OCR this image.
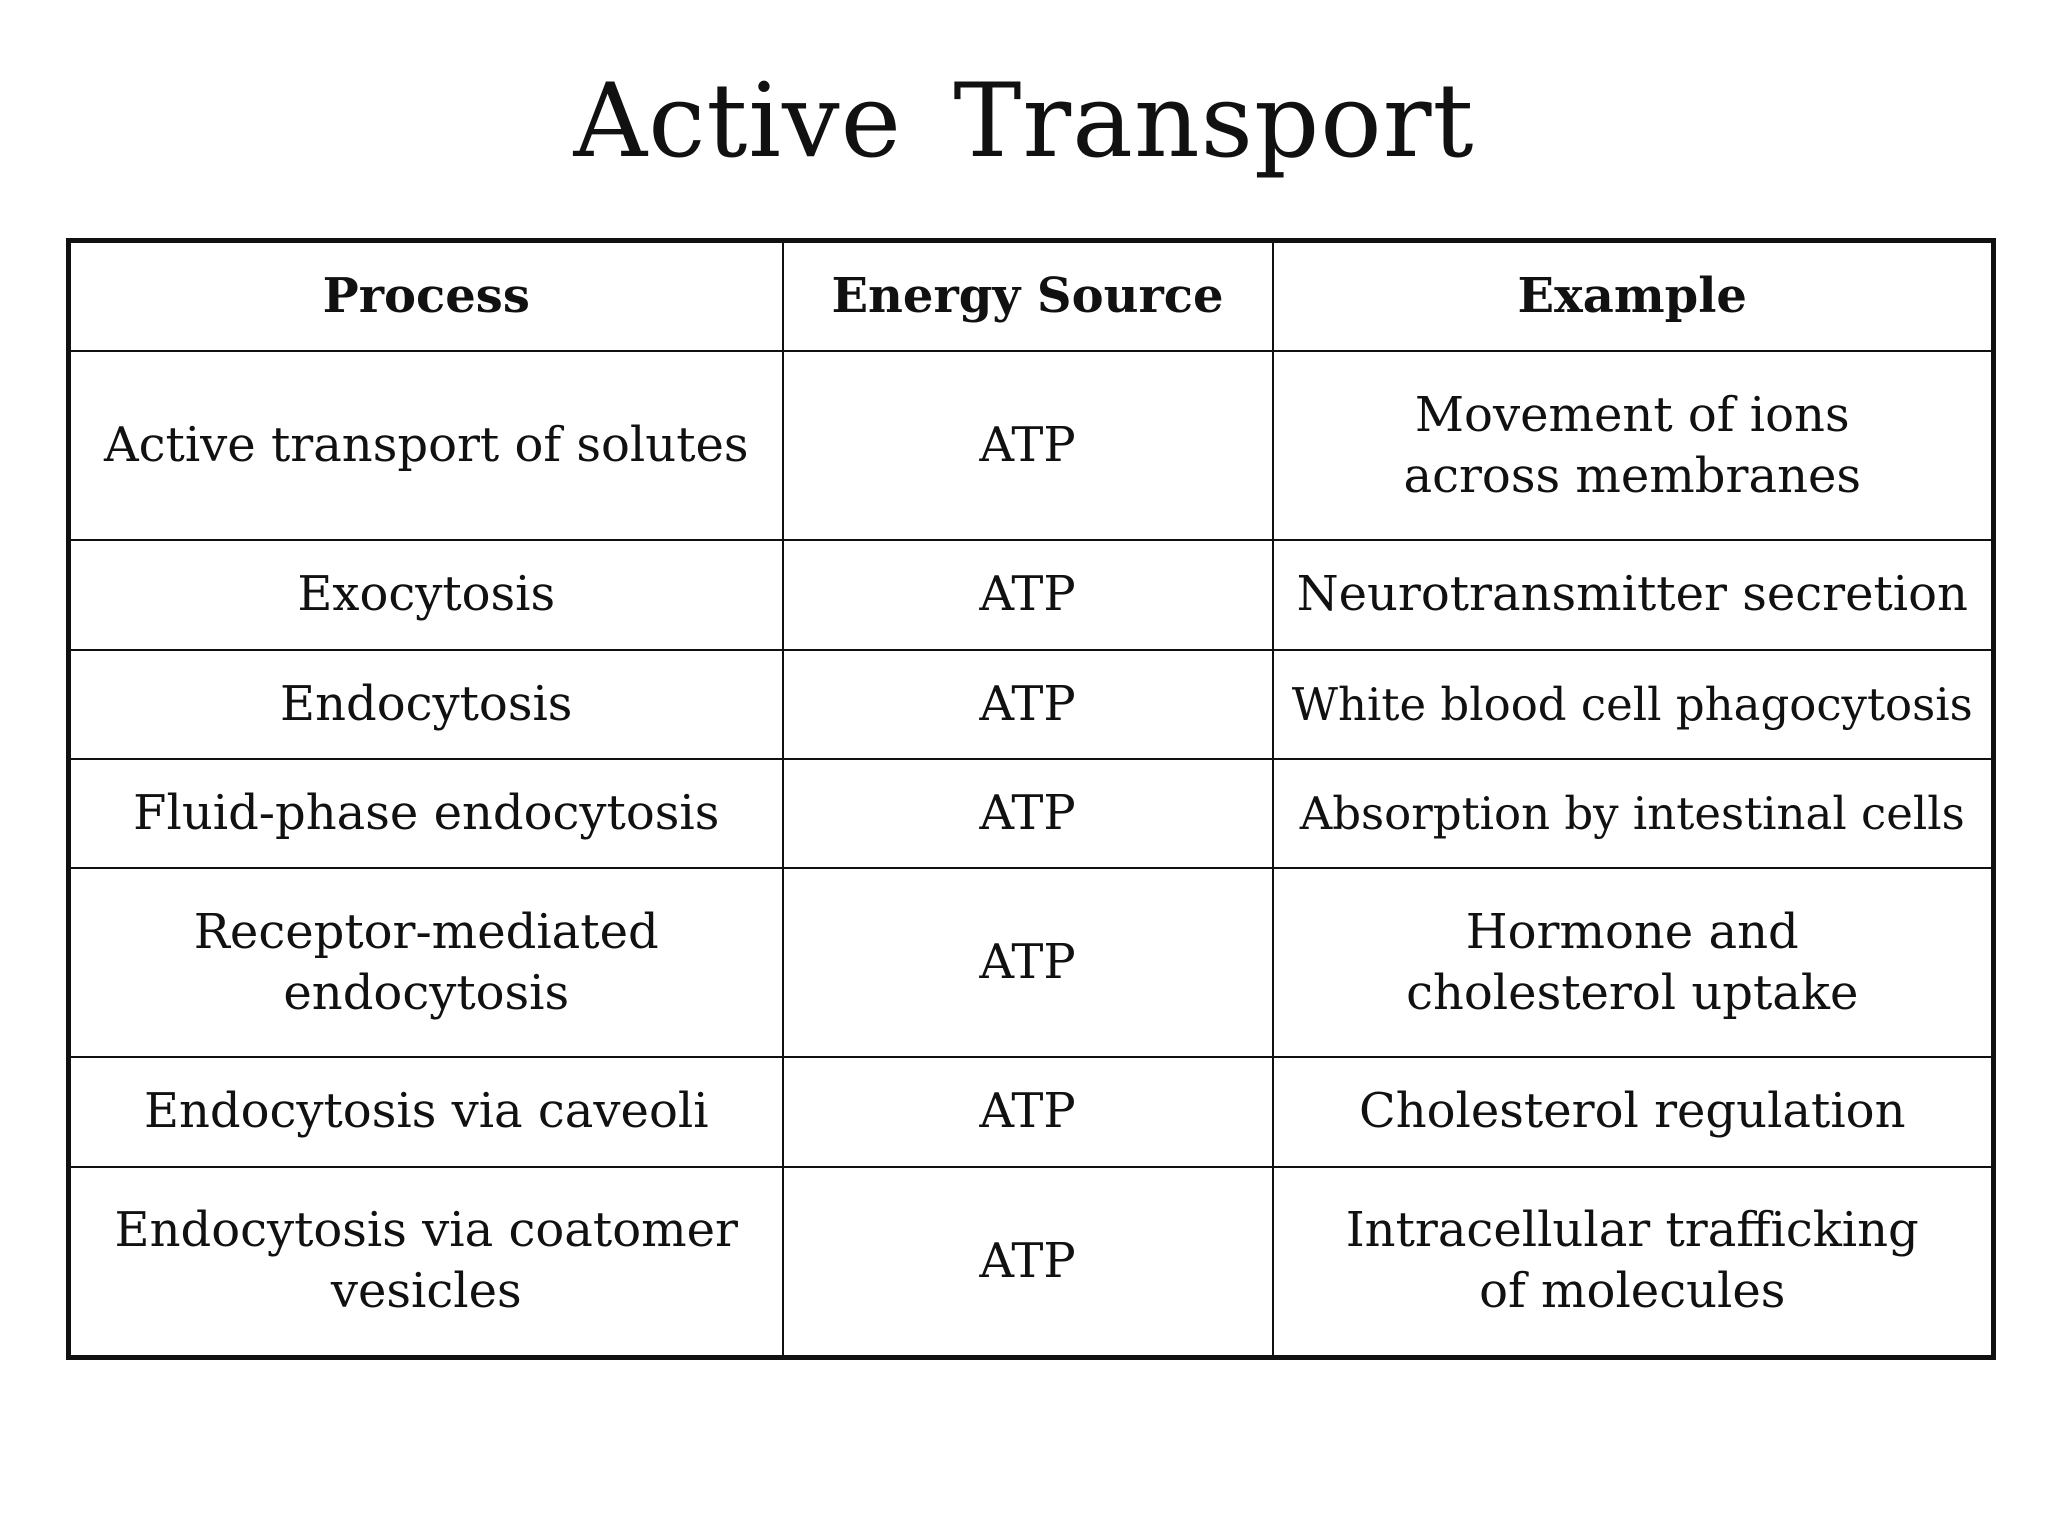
Active Transport
Process	Energy Source	Example
Active transport of solutes	ATP	Movement of ions across membranes
Exocytosis	ATP	Neurotransmitter secretion
Endocytosis	ATP	White blood cell phagocytosis
Fluid-phase endocytosis	ATP	Absorption by intestinal cells
Receptor-mediated endocytosis	ATP	Hormone and cholesterol uptake
Endocytosis via caveoli	ATP	Cholesterol regulation
Endocytosis via coatomer vesicles	ATP	Intracellular trafficking of molecules
